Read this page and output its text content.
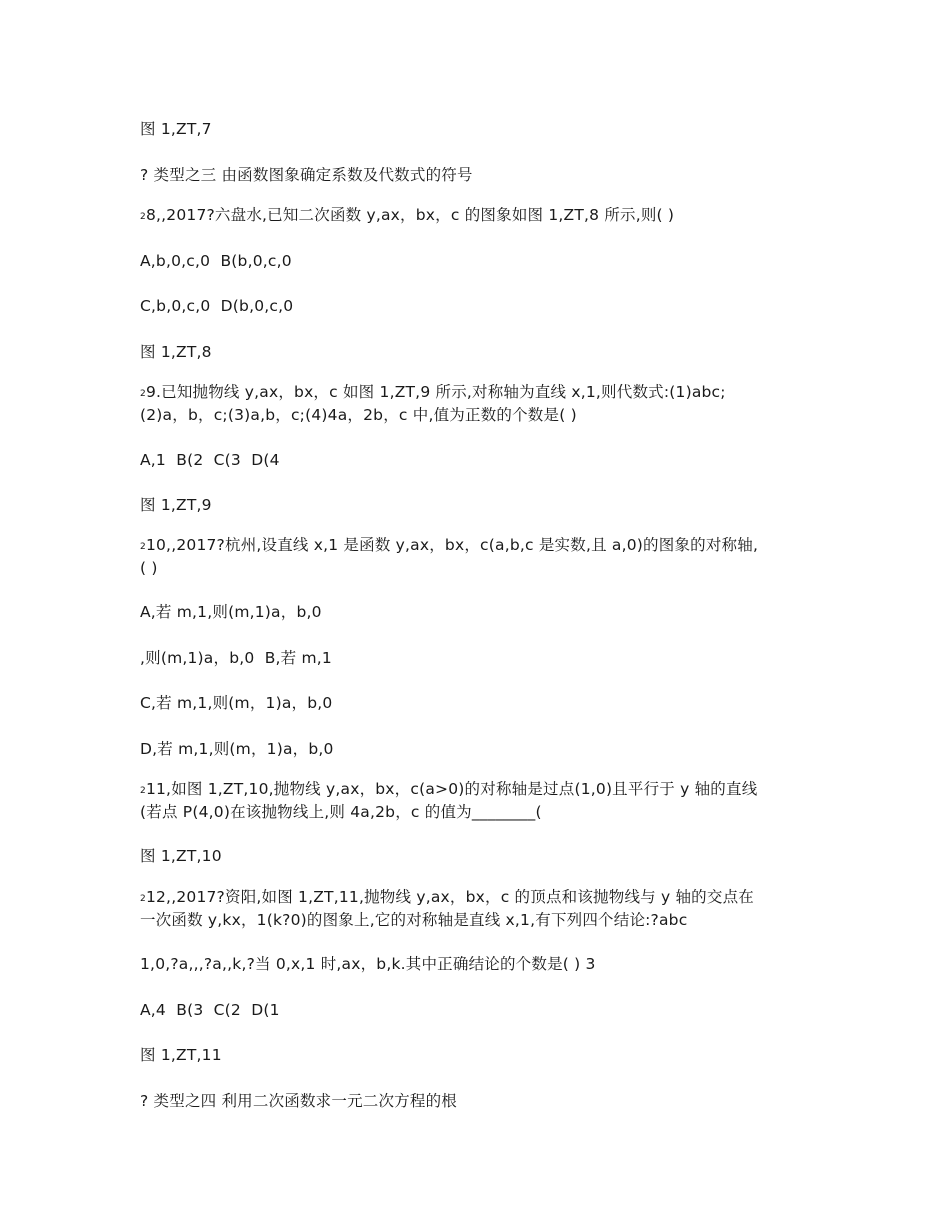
图 1,ZT,7

? 类型之三 由函数图象确定系数及代数式的符号

28,,2017?六盘水,已知二次函数 y,ax，bx，c 的图象如图 1,ZT,8 所示,则( )

A,b,0,c,0  B(b,0,c,0

C,b,0,c,0  D(b,0,c,0

图 1,ZT,8

29.已知抛物线 y,ax，bx，c 如图 1,ZT,9 所示,对称轴为直线 x,1,则代数式:(1)abc;
(2)a，b，c;(3)a,b，c;(4)4a，2b，c 中,值为正数的个数是( )

A,1  B(2  C(3  D(4

图 1,ZT,9

210,,2017?杭州,设直线 x,1 是函数 y,ax，bx，c(a,b,c 是实数,且 a,0)的图象的对称轴,
( )

A,若 m,1,则(m,1)a，b,0

,则(m,1)a，b,0  B,若 m,1

C,若 m,1,则(m，1)a，b,0

D,若 m,1,则(m，1)a，b,0

211,如图 1,ZT,10,抛物线 y,ax，bx，c(a>0)的对称轴是过点(1,0)且平行于 y 轴的直线
(若点 P(4,0)在该抛物线上,则 4a,2b，c 的值为________(

图 1,ZT,10

212,,2017?资阳,如图 1,ZT,11,抛物线 y,ax，bx，c 的顶点和该抛物线与 y 轴的交点在
一次函数 y,kx，1(k?0)的图象上,它的对称轴是直线 x,1,有下列四个结论:?abc

1,0,?a,,,?a,,k,?当 0,x,1 时,ax，b,k.其中正确结论的个数是( ) 3

A,4  B(3  C(2  D(1

图 1,ZT,11

? 类型之四 利用二次函数求一元二次方程的根
